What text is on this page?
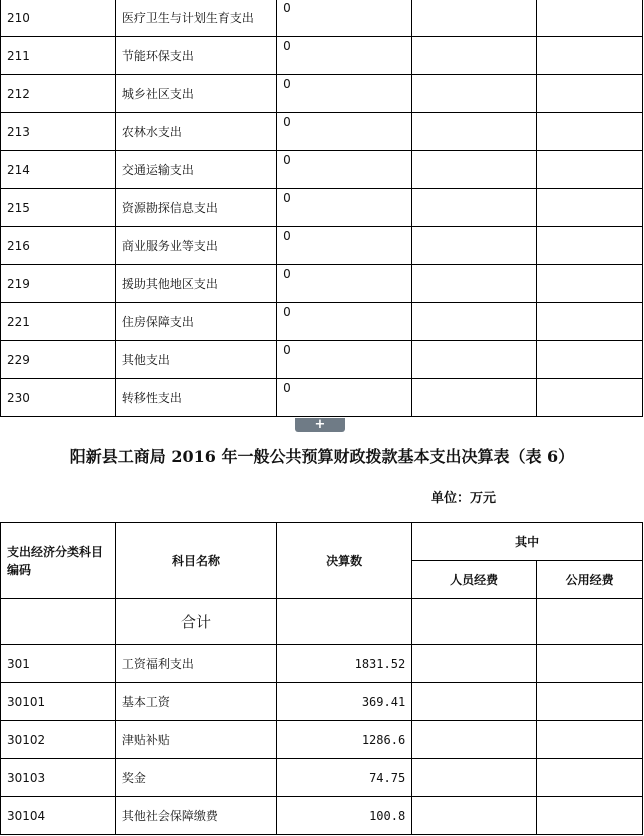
210	医疗卫生与计划生育支出	0		
211	节能环保支出	0		
212	城乡社区支出	0		
213	农林水支出	0		
214	交通运输支出	0		
215	资源勘探信息支出	0		
216	商业服务业等支出	0		
219	援助其他地区支出	0		
221	住房保障支出	0		
229	其他支出	0		
230	转移性支出	0		
+
阳新县工商局 2016 年一般公共预算财政拨款基本支出决算表（表 6）
单位：万元
支出经济分类科目
编码	科目名称	决算数	其中	
			人员经费	公用经费
	合计			
301	工资福利支出	1831.52		
30101	基本工资	369.41		
30102	津贴补贴	1286.6		
30103	奖金	74.75		
30104	其他社会保障缴费	100.8		
